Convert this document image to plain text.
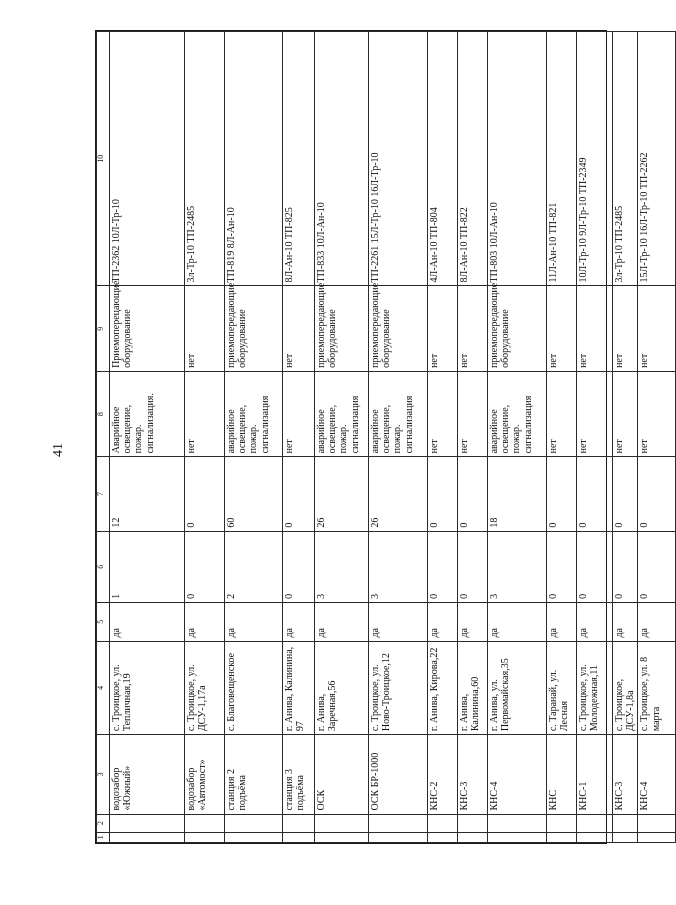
41
1	2	3	4	5	6	7	8	9	10
		водозабор «Южный»	с. Троицкое, ул. Тепличная,19	да	1	12	Аварийное освещение, пожар. сигнализация.	Приемоперецающие оборудование	ТП-2362 10Л-Тр-10
		водозабор «Автомост»	с. Троицкое, ул. ДСУ-1,17а	да	0	0	нет	нет	3л-Тр-10 ТП-2485
		станция 2 подъёма	с. Благовещенское	да	2	60	аварийное освещение, пожар. сигнализация	приемопередающие оборудование	ТП-819 8Л-Ан-10
		станция 3 подъёма	г. Анива, Калинина, 97	да	0	0	нет	нет	8Л-Ан-10 ТП-825
		ОСК	г. Анива, Заречная,56	да	3	26	аварийное освещение, пожар. сигнализация	приемопередающие оборудование	ТП-833 10Л-Ан-10
		ОСК БР-1000	с. Троицкое, ул. Ново-Троицкое,12	да	3	26	аварийное освещение, пожар. сигнализация	приемопередающие оборудование	ТП-2261 15Л-Тр-10 16Л-Тр-10
		КНС-2	г. Анива, Кирова,22	да	0	0	нет	нет	4Л-Ан-10 ТП-804
		КНС-3	г. Анива, Калинина,60	да	0	0	нет	нет	8Л-Ан-10 ТП-822
		КНС-4	г. Анива, ул. Первомайская,35	да	3	18	аварийное освещение, пожар. сигнализация	приемопередающие оборудование	ТП-803 10Л-Ан-10
		КНС	с. Таранай, ул. Лесная	да	0	0	нет	нет	11Л-Ан-10 ТП-821
		КНС-1	с. Троицкое, ул. Молодежная,11	да	0	0	нет	нет	10Л-Тр-10 9Л-Тр-10 ТП-2349
		КНС-3	с. Троицкое, ДСУ-1,8а	да	0	0	нет	нет	3л-Тр-10 ТП-2485
		КНС-4	с. Троицкое, ул. 8 марта	да	0	0	нет	нет	15Л-Тр-10 16Л-Тр-10 ТП-2262
